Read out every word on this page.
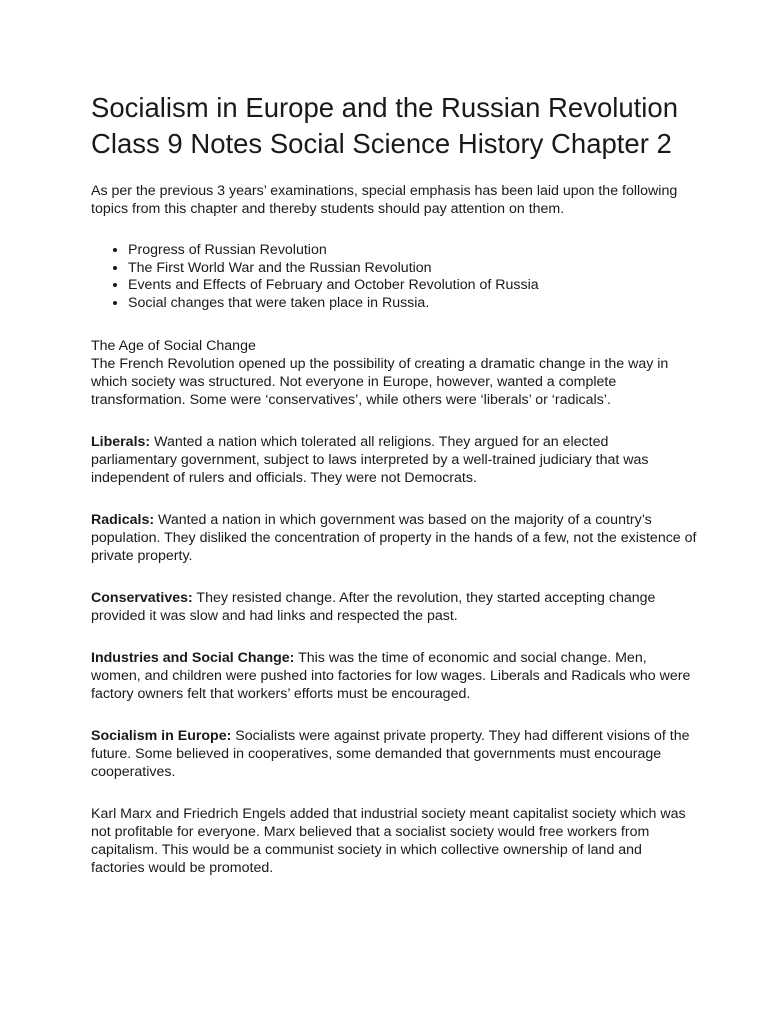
Socialism in Europe and the Russian Revolution Class 9 Notes Social Science History Chapter 2

As per the previous 3 years’ examinations, special emphasis has been laid upon the following topics from this chapter and thereby students should pay attention on them.

• Progress of Russian Revolution
• The First World War and the Russian Revolution
• Events and Effects of February and October Revolution of Russia
• Social changes that were taken place in Russia.

The Age of Social Change

The French Revolution opened up the possibility of creating a dramatic change in the way in which society was structured. Not everyone in Europe, however, wanted a complete transformation. Some were ‘conservatives’, while others were ‘liberals’ or ‘radicals’.

Liberals: Wanted a nation which tolerated all religions. They argued for an elected parliamentary government, subject to laws interpreted by a well-trained judiciary that was independent of rulers and officials. They were not Democrats.

Radicals: Wanted a nation in which government was based on the majority of a country’s population. They disliked the concentration of property in the hands of a few, not the existence of private property.

Conservatives: They resisted change. After the revolution, they started accepting change provided it was slow and had links and respected the past.

Industries and Social Change: This was the time of economic and social change. Men, women, and children were pushed into factories for low wages. Liberals and Radicals who were factory owners felt that workers’ efforts must be encouraged.

Socialism in Europe: Socialists were against private property. They had different visions of the future. Some believed in cooperatives, some demanded that governments must encourage cooperatives.

Karl Marx and Friedrich Engels added that industrial society meant capitalist society which was not profitable for everyone. Marx believed that a socialist society would free workers from capitalism. This would be a communist society in which collective ownership of land and factories would be promoted.
